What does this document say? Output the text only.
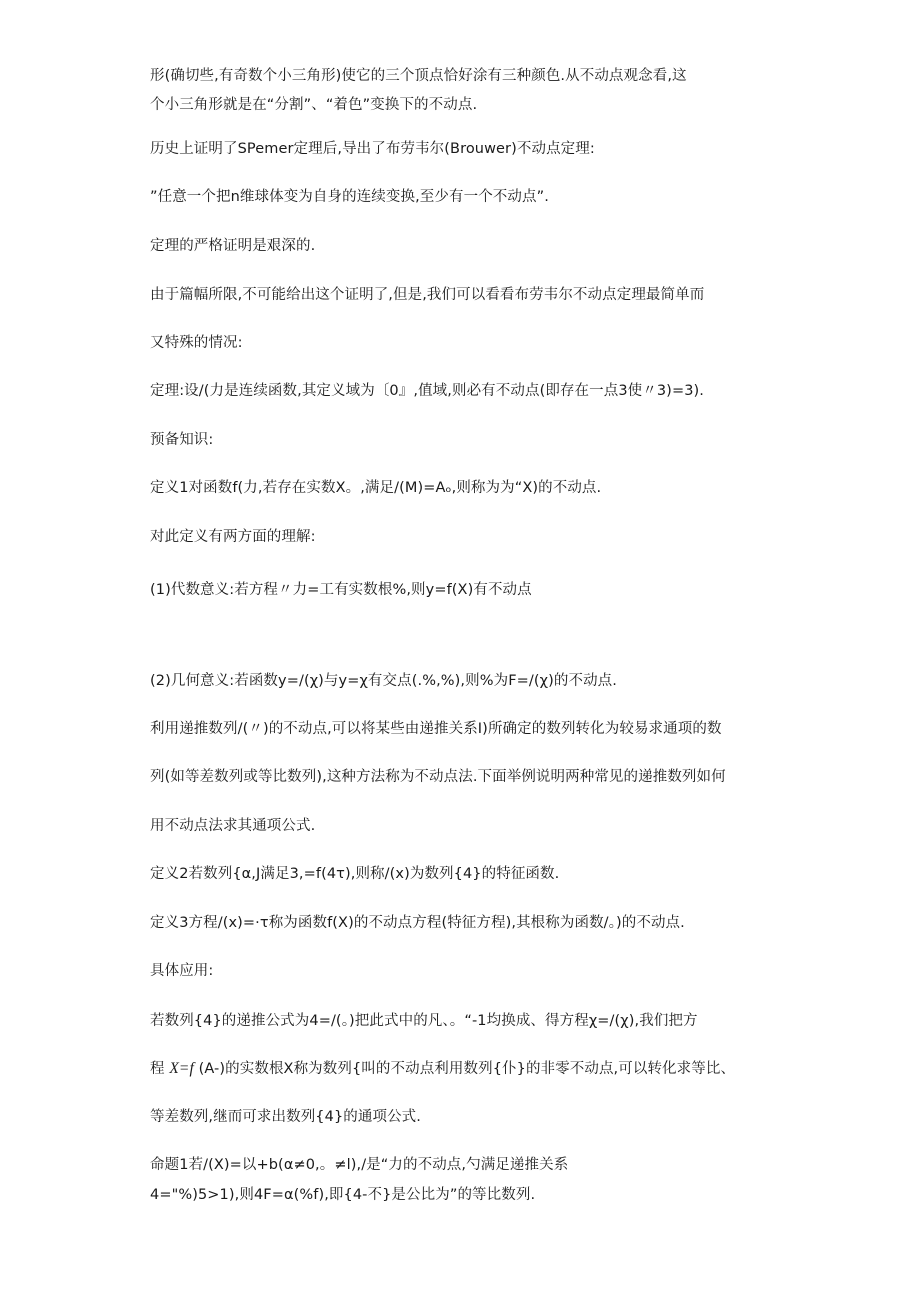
形(确切些,有奇数个小三角形)使它的三个顶点恰好涂有三种颜色.从不动点观念看,这
个小三角形就是在“分割”、“着色”变换下的不动点.
历史上证明了SPemer定理后,导出了布劳韦尔(Brouwer)不动点定理:
”任意一个把n维球体变为自身的连续变换,至少有一个不动点”.
定理的严格证明是艰深的.
由于篇幅所限,不可能给出这个证明了,但是,我们可以看看布劳韦尔不动点定理最简单而
又特殊的情况:
定理:设/(力是连续函数,其定义域为〔0』,值域,则必有不动点(即存在一点3使〃3)=3).
预备知识:
定义1对函数f(力,若存在实数X。,满足/(M)=Aₒ,则称为为“X)的不动点.
对此定义有两方面的理解:
(1)代数意义:若方程〃力=工有实数根%,则y=f(X)有不动点
(2)几何意义:若函数y=/(χ)与y=χ有交点(.%,%),则%为F=/(χ)的不动点.
利用递推数列/(〃)的不动点,可以将某些由递推关系I)所确定的数列转化为较易求通项的数
列(如等差数列或等比数列),这种方法称为不动点法.下面举例说明两种常见的递推数列如何
用不动点法求其通项公式.
定义2若数列{α,J满足3,=f(4τ),则称/(x)为数列{4}的特征函数.
定义3方程/(x)=·τ称为函数f(X)的不动点方程(特征方程),其根称为函数/。)的不动点.
具体应用:
若数列{4}的递推公式为4=/(。)把此式中的凡、。“-1均换成、得方程χ=/(χ),我们把方
程 X=f (A-)的实数根X称为数列{叫的不动点利用数列{仆}的非零不动点,可以转化求等比、
等差数列,继而可求出数列{4}的通项公式.
命题1若/(X)=以+b(α≠0,。≠l),/是“力的不动点,勺满足递推关系
4="%)5>1),则4F=α(%f),即{4-不}是公比为”的等比数列.
